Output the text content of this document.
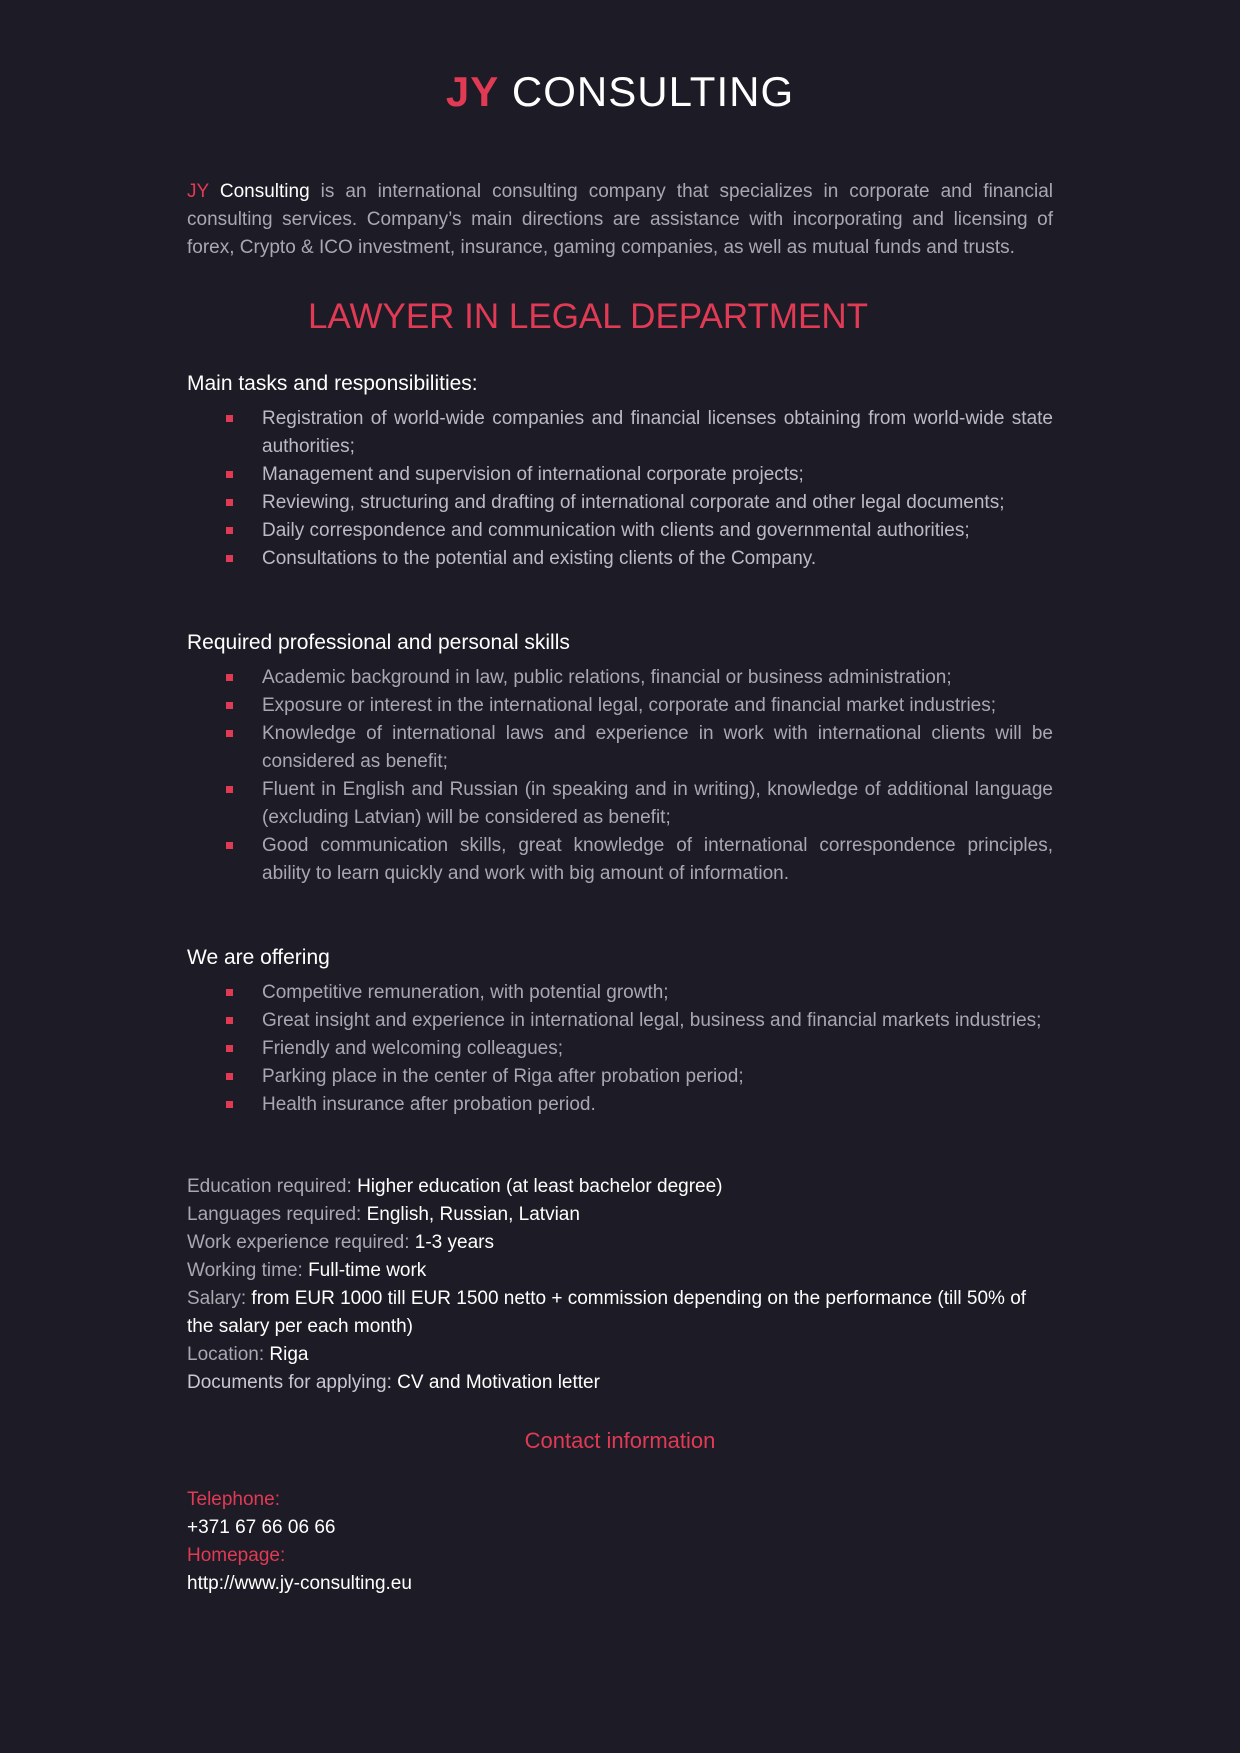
JY CONSULTING

JY Consulting is an international consulting company that specializes in corporate and financial consulting services. Company’s main directions are assistance with incorporating and licensing of forex, Crypto & ICO investment, insurance, gaming companies, as well as mutual funds and trusts.

LAWYER IN LEGAL DEPARTMENT
Main tasks and responsibilities:
Registration of world-wide companies and financial licenses obtaining from world-wide state authorities;
Management and supervision of international corporate projects;
Reviewing, structuring and drafting of international corporate and other legal documents;
Daily correspondence and communication with clients and governmental authorities;
Consultations to the potential and existing clients of the Company.
Required professional and personal skills
Academic background in law, public relations, financial or business administration;
Exposure or interest in the international legal, corporate and financial market industries;
Knowledge of international laws and experience in work with international clients will be considered as benefit;
Fluent in English and Russian (in speaking and in writing), knowledge of additional language (excluding Latvian) will be considered as benefit;
Good communication skills, great knowledge of international correspondence principles, ability to learn quickly and work with big amount of information.
We are offering
Competitive remuneration, with potential growth;
Great insight and experience in international legal, business and financial markets industries;
Friendly and welcoming colleagues;
Parking place in the center of Riga after probation period;
Health insurance after probation period.
Education required: Higher education (at least bachelor degree)
Languages required: English, Russian, Latvian
Work experience required: 1-3 years
Working time: Full-time work
Salary: from EUR 1000 till EUR 1500 netto + commission depending on the performance (till 50% of the salary per each month)
Location: Riga
Documents for applying: CV and Motivation letter
Contact information
Telephone:
+371 67 66 06 66
Homepage:
http://www.jy-consulting.eu
